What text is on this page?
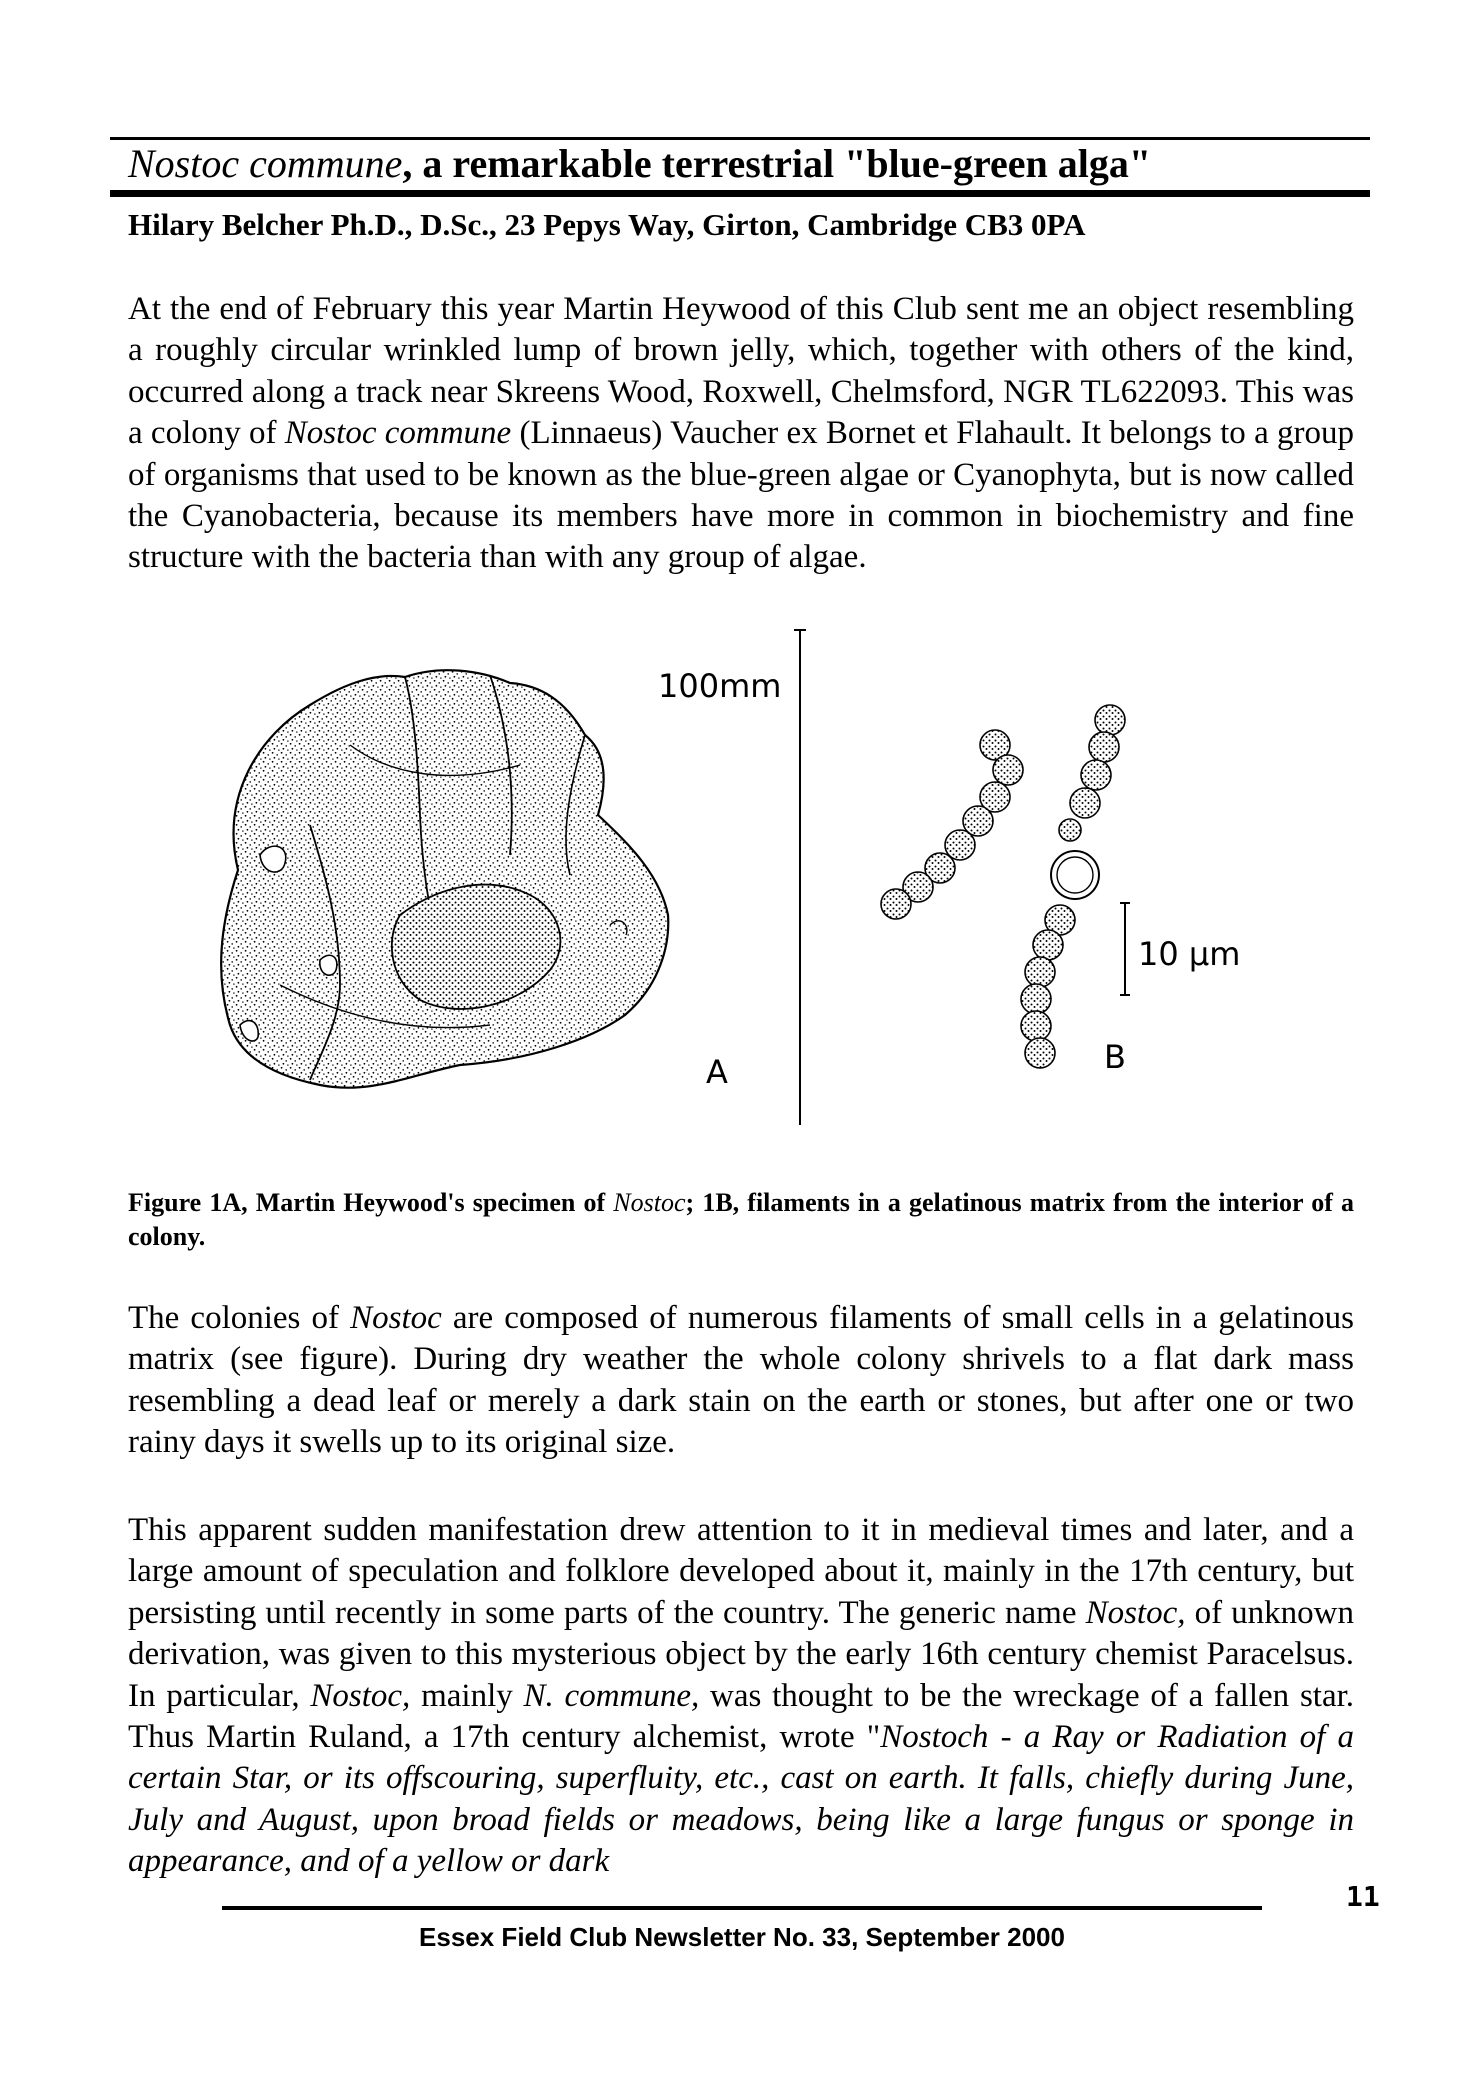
Nostoc commune, a remarkable terrestrial "blue-green alga"
Hilary Belcher Ph.D., D.Sc., 23 Pepys Way, Girton, Cambridge CB3 0PA

At the end of February this year Martin Heywood of this Club sent me an object resembling a roughly circular wrinkled lump of brown jelly, which, together with others of the kind, occurred along a track near Skreens Wood, Roxwell, Chelmsford, NGR TL622093. This was a colony of Nostoc commune (Linnaeus) Vaucher ex Bornet et Flahault. It belongs to a group of organisms that used to be known as the blue-green algae or Cyanophyta, but is now called the Cyanobacteria, because its members have more in common in biochemistry and fine structure with the bacteria than with any group of algae.

A
100mm
10 μm
B

Figure 1A, Martin Heywood's specimen of Nostoc; 1B, filaments in a gelatinous matrix from the interior of a colony.

The colonies of Nostoc are composed of numerous filaments of small cells in a gelatinous matrix (see figure). During dry weather the whole colony shrivels to a flat dark mass resembling a dead leaf or merely a dark stain on the earth or stones, but after one or two rainy days it swells up to its original size.

This apparent sudden manifestation drew attention to it in medieval times and later, and a large amount of speculation and folklore developed about it, mainly in the 17th century, but persisting until recently in some parts of the country. The generic name Nostoc, of unknown derivation, was given to this mysterious object by the early 16th century chemist Paracelsus. In particular, Nostoc, mainly N. commune, was thought to be the wreckage of a fallen star. Thus Martin Ruland, a 17th century alchemist, wrote "Nostoch - a Ray or Radiation of a certain Star, or its offscouring, superfluity, etc., cast on earth. It falls, chiefly during June, July and August, upon broad fields or meadows, being like a large fungus or sponge in appearance, and of a yellow or dark

Essex Field Club Newsletter No. 33, September 2000
11
